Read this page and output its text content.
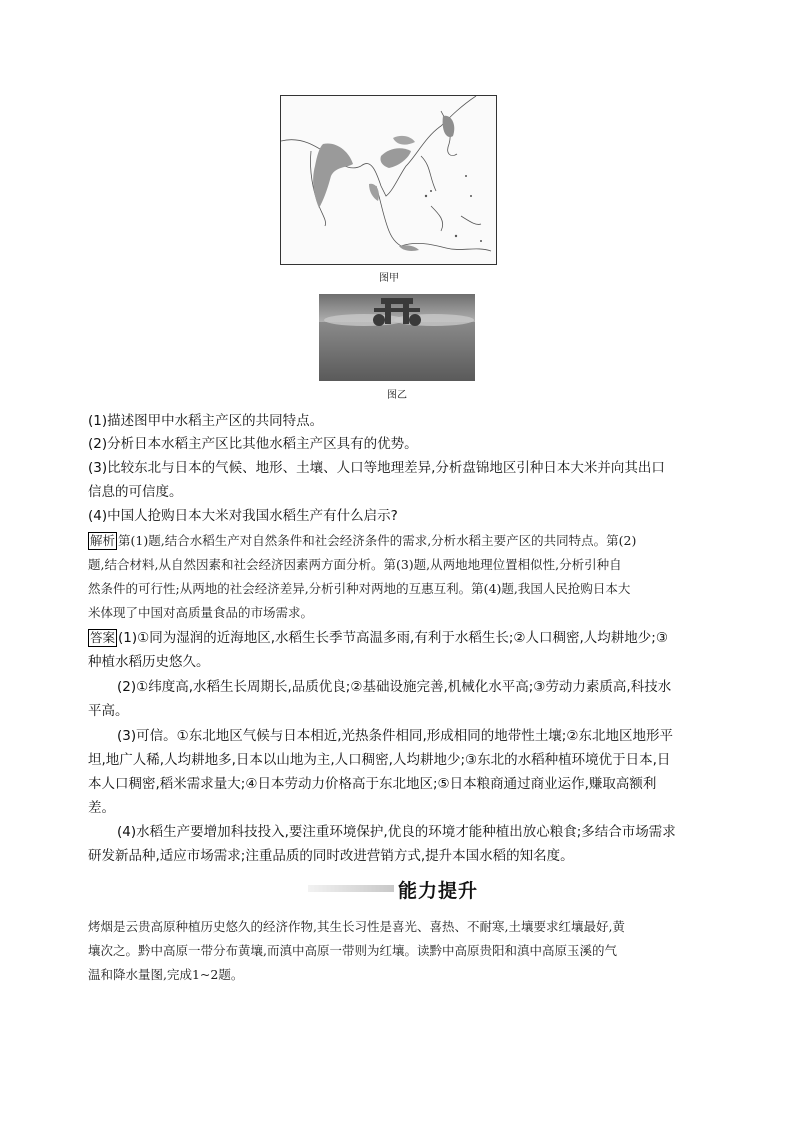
图甲
图乙
(1)描述图甲中水稻主产区的共同特点。
(2)分析日本水稻主产区比其他水稻主产区具有的优势。
(3)比较东北与日本的气候、地形、土壤、人口等地理差异,分析盘锦地区引种日本大米并向其出口
信息的可信度。
(4)中国人抢购日本大米对我国水稻生产有什么启示?
解析 第(1)题,结合水稻生产对自然条件和社会经济条件的需求,分析水稻主要产区的共同特点。第(2)
题,结合材料,从自然因素和社会经济因素两方面分析。第(3)题,从两地地理位置相似性,分析引种自
然条件的可行性;从两地的社会经济差异,分析引种对两地的互惠互利。第(4)题,我国人民抢购日本大
米体现了中国对高质量食品的市场需求。
答案 (1)①同为湿润的近海地区,水稻生长季节高温多雨,有利于水稻生长;②人口稠密,人均耕地少;③
种植水稻历史悠久。
(2)①纬度高,水稻生长周期长,品质优良;②基础设施完善,机械化水平高;③劳动力素质高,科技水
平高。
(3)可信。①东北地区气候与日本相近,光热条件相同,形成相同的地带性土壤;②东北地区地形平
坦,地广人稀,人均耕地多,日本以山地为主,人口稠密,人均耕地少;③东北的水稻种植环境优于日本,日
本人口稠密,稻米需求量大;④日本劳动力价格高于东北地区;⑤日本粮商通过商业运作,赚取高额利
差。
(4)水稻生产要增加科技投入,要注重环境保护,优良的环境才能种植出放心粮食;多结合市场需求
研发新品种,适应市场需求;注重品质的同时改进营销方式,提升本国水稻的知名度。
能力提升
烤烟是云贵高原种植历史悠久的经济作物,其生长习性是喜光、喜热、不耐寒,土壤要求红壤最好,黄
壤次之。黔中高原一带分布黄壤,而滇中高原一带则为红壤。读黔中高原贵阳和滇中高原玉溪的气
温和降水量图,完成1~2题。
